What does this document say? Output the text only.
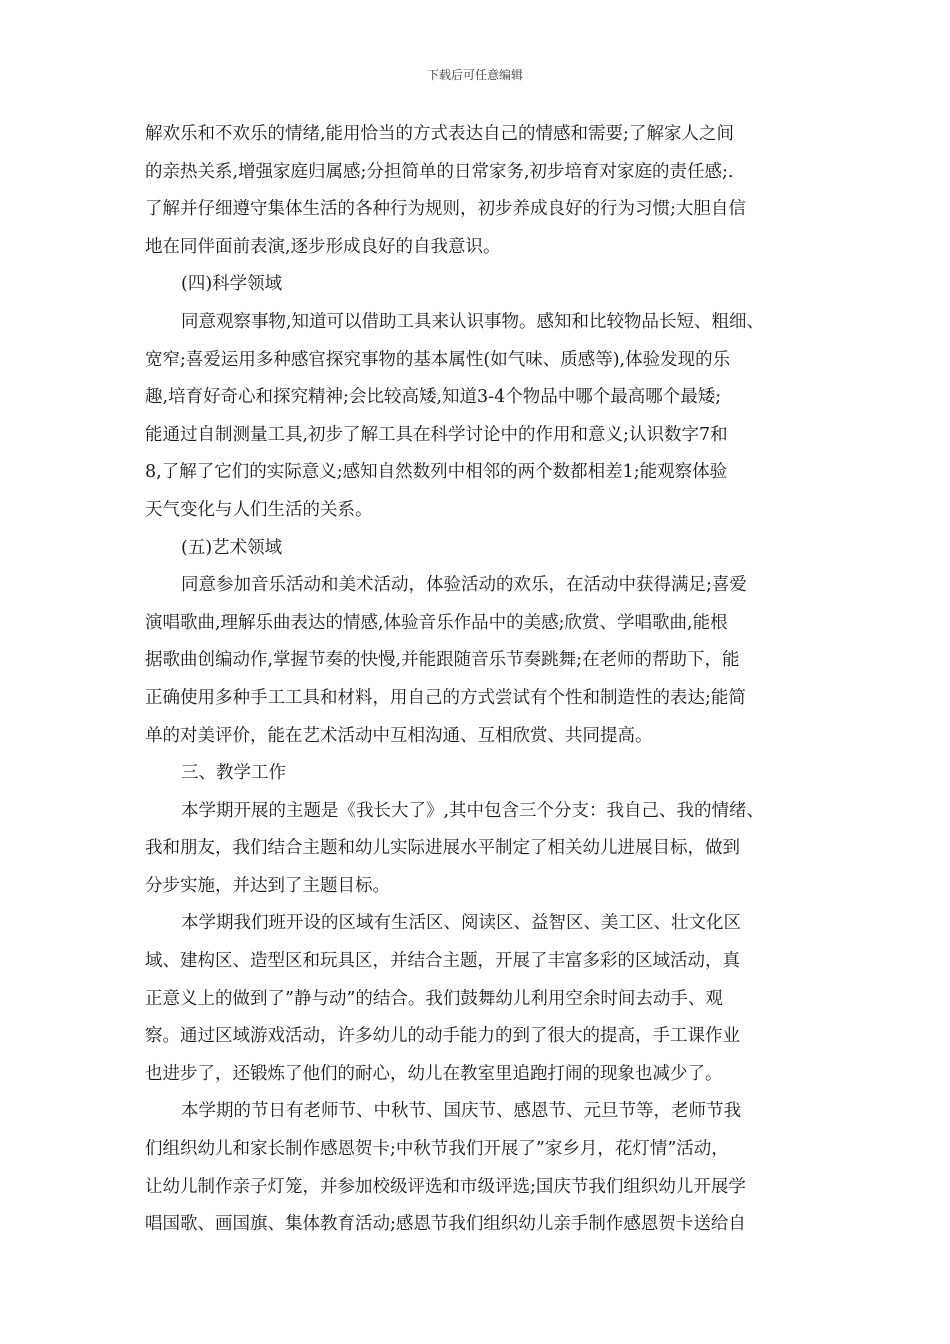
下载后可任意编辑
解欢乐和不欢乐的情绪,能用恰当的方式表达自己的情感和需要;了解家人之间
的亲热关系,增强家庭归属感;分担简单的日常家务,初步培育对家庭的责任感;.
了解并仔细遵守集体生活的各种行为规则，初步养成良好的行为习惯;大胆自信
地在同伴面前表演,逐步形成良好的自我意识。
(四)科学领域
同意观察事物,知道可以借助工具来认识事物。感知和比较物品长短、粗细、
宽窄;喜爱运用多种感官探究事物的基本属性(如气味、质感等),体验发现的乐
趣,培育好奇心和探究精神;会比较高矮,知道3-4个物品中哪个最高哪个最矮;
能通过自制测量工具,初步了解工具在科学讨论中的作用和意义;认识数字7和
8,了解了它们的实际意义;感知自然数列中相邻的两个数都相差1;能观察体验
天气变化与人们生活的关系。
(五)艺术领域
同意参加音乐活动和美术活动，体验活动的欢乐，在活动中获得满足;喜爱
演唱歌曲,理解乐曲表达的情感,体验音乐作品中的美感;欣赏、学唱歌曲,能根
据歌曲创编动作,掌握节奏的快慢,并能跟随音乐节奏跳舞;在老师的帮助下，能
正确使用多种手工工具和材料，用自己的方式尝试有个性和制造性的表达;能简
单的对美评价，能在艺术活动中互相沟通、互相欣赏、共同提高。
三、教学工作
本学期开展的主题是《我长大了》,其中包含三个分支：我自己、我的情绪、
我和朋友，我们结合主题和幼儿实际进展水平制定了相关幼儿进展目标，做到
分步实施，并达到了主题目标。
本学期我们班开设的区域有生活区、阅读区、益智区、美工区、壮文化区
域、建构区、造型区和玩具区，并结合主题，开展了丰富多彩的区域活动，真
正意义上的做到了”静与动”的结合。我们鼓舞幼儿利用空余时间去动手、观
察。通过区域游戏活动，许多幼儿的动手能力的到了很大的提高，手工课作业
也进步了，还锻炼了他们的耐心，幼儿在教室里追跑打闹的现象也减少了。
本学期的节日有老师节、中秋节、国庆节、感恩节、元旦节等，老师节我
们组织幼儿和家长制作感恩贺卡;中秋节我们开展了”家乡月，花灯情”活动，
让幼儿制作亲子灯笼，并参加校级评选和市级评选;国庆节我们组织幼儿开展学
唱国歌、画国旗、集体教育活动;感恩节我们组织幼儿亲手制作感恩贺卡送给自
